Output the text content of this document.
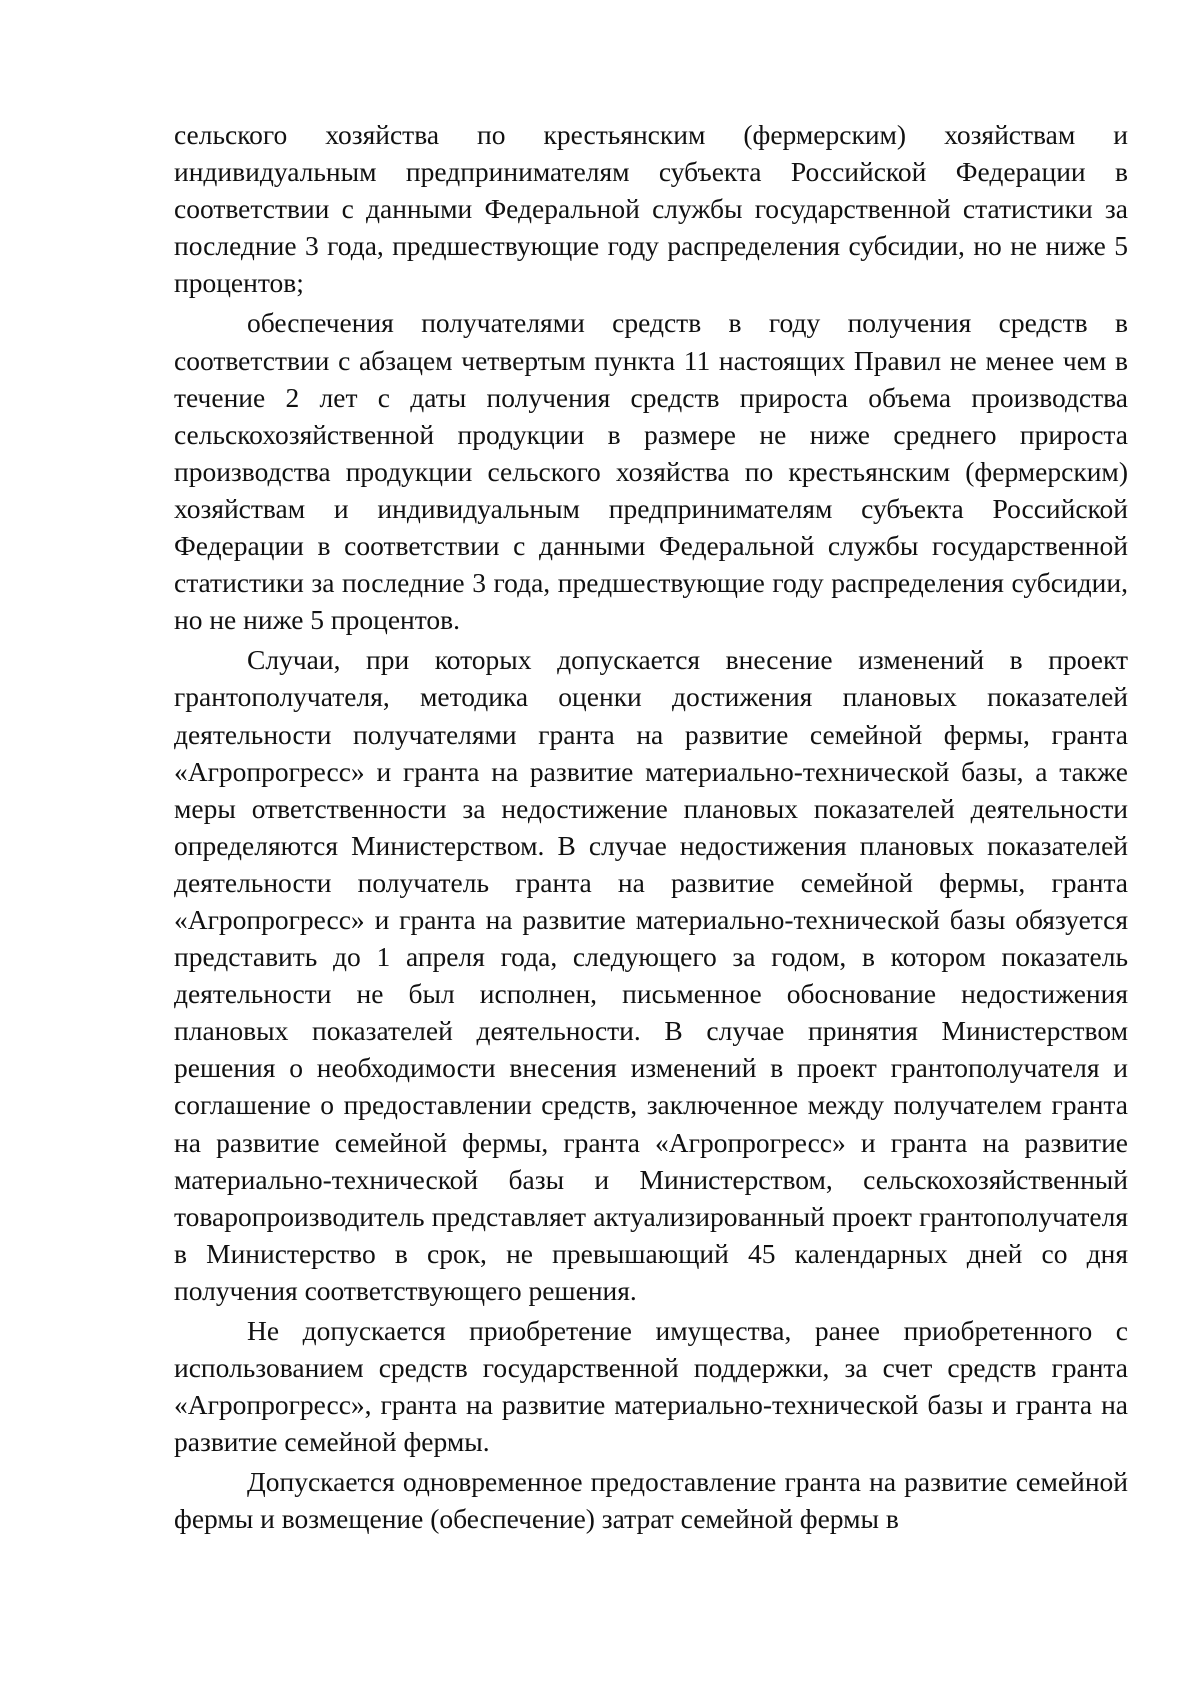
сельского хозяйства по крестьянским (фермерским) хозяйствам и индивидуальным предпринимателям субъекта Российской Федерации в соответствии с данными Федеральной службы государственной статистики за последние 3 года, предшествующие году распределения субсидии, но не ниже 5 процентов;

обеспечения получателями средств в году получения средств в соответствии с абзацем четвертым пункта 11 настоящих Правил не менее чем в течение 2 лет с даты получения средств прироста объема производства сельскохозяйственной продукции в размере не ниже среднего прироста производства продукции сельского хозяйства по крестьянским (фермерским) хозяйствам и индивидуальным предпринимателям субъекта Российской Федерации в соответствии с данными Федеральной службы государственной статистики за последние 3 года, предшествующие году распределения субсидии, но не ниже 5 процентов.

Случаи, при которых допускается внесение изменений в проект грантополучателя, методика оценки достижения плановых показателей деятельности получателями гранта на развитие семейной фермы, гранта «Агропрогресс» и гранта на развитие материально-технической базы, а также меры ответственности за недостижение плановых показателей деятельности определяются Министерством. В случае недостижения плановых показателей деятельности получатель гранта на развитие семейной фермы, гранта «Агропрогресс» и гранта на развитие материально-технической базы обязуется представить до 1 апреля года, следующего за годом, в котором показатель деятельности не был исполнен, письменное обоснование недостижения плановых показателей деятельности. В случае принятия Министерством решения о необходимости внесения изменений в проект грантополучателя и соглашение о предоставлении средств, заключенное между получателем гранта на развитие семейной фермы, гранта «Агропрогресс» и гранта на развитие материально-технической базы и Министерством, сельскохозяйственный товаропроизводитель представляет актуализированный проект грантополучателя в Министерство в срок, не превышающий 45 календарных дней со дня получения соответствующего решения.

Не допускается приобретение имущества, ранее приобретенного с использованием средств государственной поддержки, за счет средств гранта «Агропрогресс», гранта на развитие материально-технической базы и гранта на развитие семейной фермы.

Допускается одновременное предоставление гранта на развитие семейной фермы и возмещение (обеспечение) затрат семейной фермы в
